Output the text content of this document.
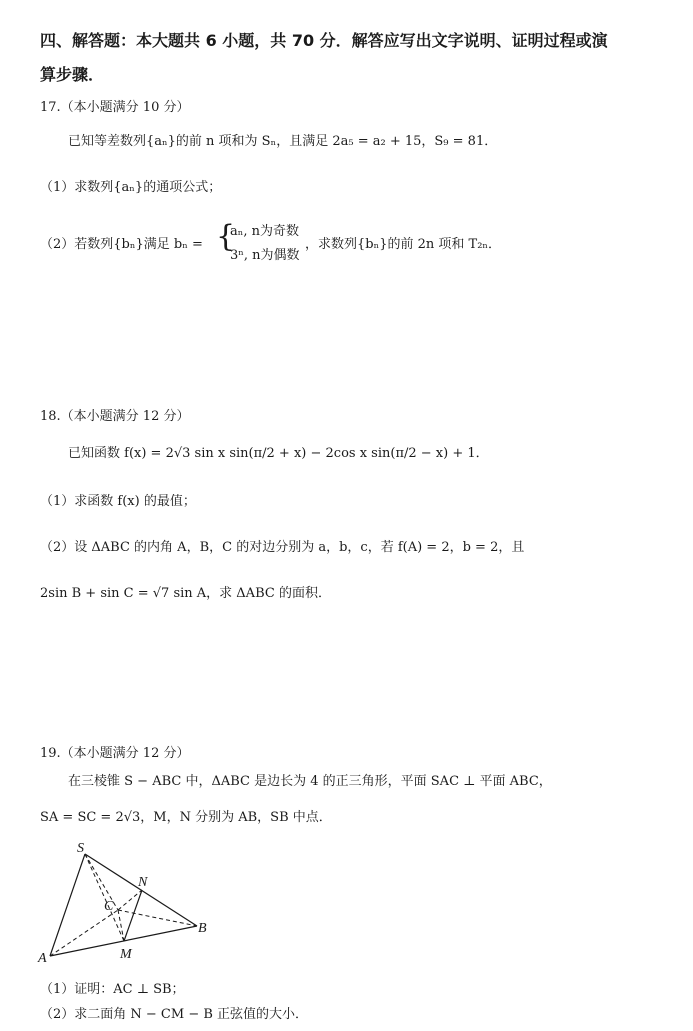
四、解答题：本大题共 6 小题，共 70 分．解答应写出文字说明、证明过程或演
算步骤．
17.（本小题满分 10 分）
已知等差数列{aₙ}的前 n 项和为 Sₙ，且满足 2a₅ = a₂ + 15，S₉ = 81．
（1）求数列{aₙ}的通项公式；
（2）若数列{bₙ}满足 bₙ = {
aₙ, n为奇数
3ⁿ, n为偶数
，求数列{bₙ}的前 2n 项和 T₂ₙ．
18.（本小题满分 12 分）
已知函数 f(x) = 2√3 sin x sin(π/2 + x) − 2cos x sin(π/2 − x) + 1．
（1）求函数 f(x) 的最值；
（2）设 ΔABC 的内角 A，B，C 的对边分别为 a，b，c，若 f(A) = 2，b = 2，且
2sin B + sin C = √7 sin A，求 ΔABC 的面积．
19.（本小题满分 12 分）
在三棱锥 S − ABC 中，ΔABC 是边长为 4 的正三角形，平面 SAC ⊥ 平面 ABC，
SA = SC = 2√3，M，N 分别为 AB，SB 中点．
S
N
C
B
A	M
（1）证明：AC ⊥ SB；
（2）求二面角 N − CM − B 正弦值的大小．
